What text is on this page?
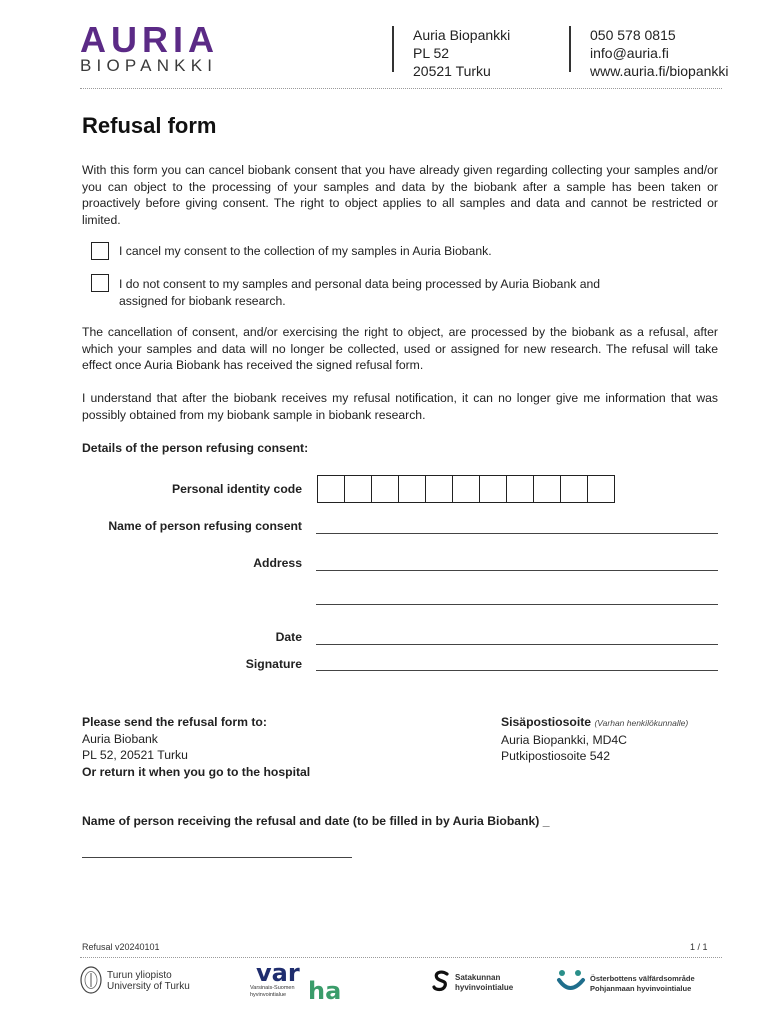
AURIA
BIOPANKKI
Auria Biopankki
PL 52
20521 Turku
050 578 0815
info@auria.fi
www.auria.fi/biopankki
Refusal form
With this form you can cancel biobank consent that you have already given regarding collecting your samples and/or you can object to the processing of your samples and data by the biobank after a sample has been taken or proactively before giving consent. The right to object applies to all samples and data and cannot be restricted or limited.
I cancel my consent to the collection of my samples in Auria Biobank.
I do not consent to my samples and personal data being processed by Auria Biobank and
assigned for biobank research.
The cancellation of consent, and/or exercising the right to object, are processed by the biobank as a refusal, after which your samples and data will no longer be collected, used or assigned for new research. The refusal will take effect once Auria Biobank has received the signed refusal form.
I understand that after the biobank receives my refusal notification, it can no longer give me information that was possibly obtained from my biobank sample in biobank research.
Details of the person refusing consent:
Personal identity code
Name of person refusing consent
Address
Date
Signature
Please send the refusal form to:
Auria Biobank
PL 52, 20521 Turku
Or return it when you go to the hospital
Sisäpostiosoite (Varhan henkilökunnalle)
Auria Biopankki, MD4C
Putkipostiosoite 542
Name of person receiving the refusal and date (to be filled in by Auria Biobank) _
Refusal v20240101	1 / 1
Turun yliopisto
University of Turku	var
ha
Varsinais-Suomen
hyvinvointialue
Satakunnan
hyvinvointialue
Österbottens välfärdsområde
Pohjanmaan hyvinvointialue
